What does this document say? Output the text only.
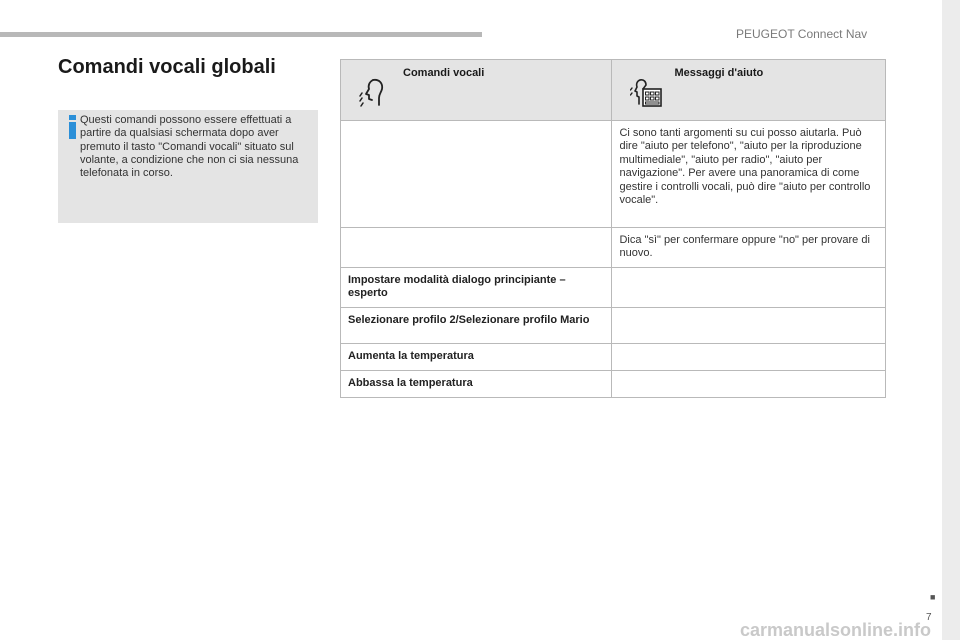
PEUGEOT Connect Nav
■
Comandi vocali globali

Questi comandi possono essere effettuati a partire da qualsiasi schermata dopo aver premuto il tasto "Comandi vocali" situato sul volante, a condizione che non ci sia nessuna telefonata in corso.

Comandi vocali	Messaggi d'aiuto

	Ci sono tanti argomenti su cui posso aiutarla. Può dire "aiuto per telefono", "aiuto per la riproduzione multimediale", "aiuto per radio", "aiuto per navigazione". Per avere una panoramica di come gestire i controlli vocali, può dire "aiuto per controllo vocale".
	Dica "sì" per confermare oppure "no" per provare di nuovo.
Impostare modalità dialogo principiante – esperto	
Selezionare profilo 2/Selezionare profilo Mario	
Aumenta la temperatura	
Abbassa la temperatura	
carmanualsonline.info
7
